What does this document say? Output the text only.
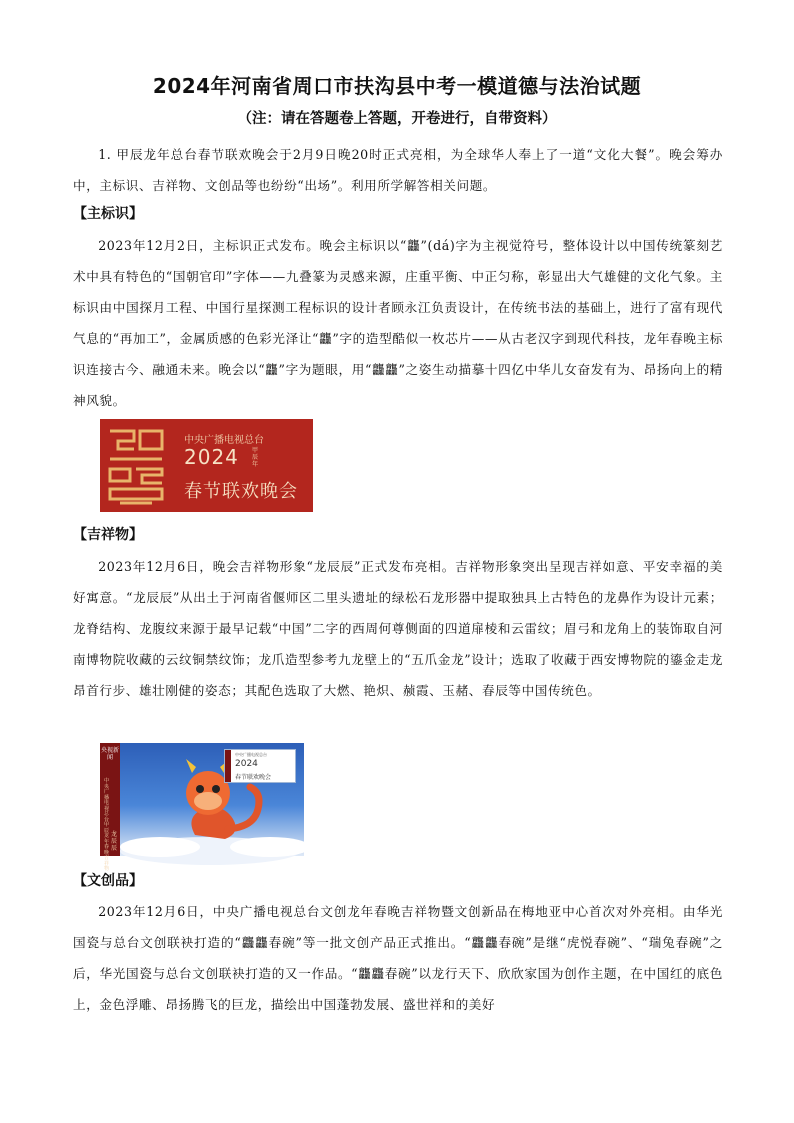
2024年河南省周口市扶沟县中考一模道德与法治试题
（注：请在答题卷上答题，开卷进行，自带资料）
1. 甲辰龙年总台春节联欢晚会于2月9日晚20时正式亮相，为全球华人奉上了一道“文化大餐”。晚会筹办中，主标识、吉祥物、文创品等也纷纷“出场”。利用所学解答相关问题。
【主标识】
2023年12月2日，主标识正式发布。晚会主标识以“龘”(dá)字为主视觉符号，整体设计以中国传统篆刻艺术中具有特色的“国朝官印”字体——九叠篆为灵感来源，庄重平衡、中正匀称，彰显出大气雄健的文化气象。主标识由中国探月工程、中国行星探测工程标识的设计者顾永江负责设计，在传统书法的基础上，进行了富有现代气息的“再加工”，金属质感的色彩光泽让“龘”字的造型酷似一枚芯片——从古老汉字到现代科技，龙年春晚主标识连接古今、融通未来。晚会以“龘”字为题眼，用“龘龘”之姿生动描摹十四亿中华儿女奋发有为、昂扬向上的精神风貌。
中央广播电视总台
2024 甲辰年
春节联欢晚会
【吉祥物】
2023年12月6日，晚会吉祥物形象“龙辰辰”正式发布亮相。吉祥物形象突出呈现吉祥如意、平安幸福的美好寓意。“龙辰辰”从出土于河南省偃师区二里头遗址的绿松石龙形器中提取独具上古特色的龙鼻作为设计元素；龙脊结构、龙腹纹来源于最早记载“中国”二字的西周何尊侧面的四道扉棱和云雷纹；眉弓和龙角上的装饰取自河南博物院收藏的云纹铜禁纹饰；龙爪造型参考九龙壁上的“五爪金龙”设计；选取了收藏于西安博物院的鎏金走龙昂首行步、雄壮刚健的姿态；其配色选取了大燃、艳炽、赪霞、玉赭、春辰等中国传统色。
央视新闻
中央广播电视总台甲辰龙年春晚吉祥物
龙辰辰
中央广播电视总台
2024
春节联欢晚会
【文创品】
2023年12月6日，中央广播电视总台文创龙年春晚吉祥物暨文创新品在梅地亚中心首次对外亮相。由华光国瓷与总台文创联袂打造的“龘龘春碗”等一批文创产品正式推出。“龘龘春碗”是继“虎悦春碗”、“瑞兔春碗”之后，华光国瓷与总台文创联袂打造的又一作品。“龘龘春碗”以龙行天下、欣欣家国为创作主题，在中国红的底色上，金色浮雕、昂扬腾飞的巨龙，描绘出中国蓬勃发展、盛世祥和的美好
